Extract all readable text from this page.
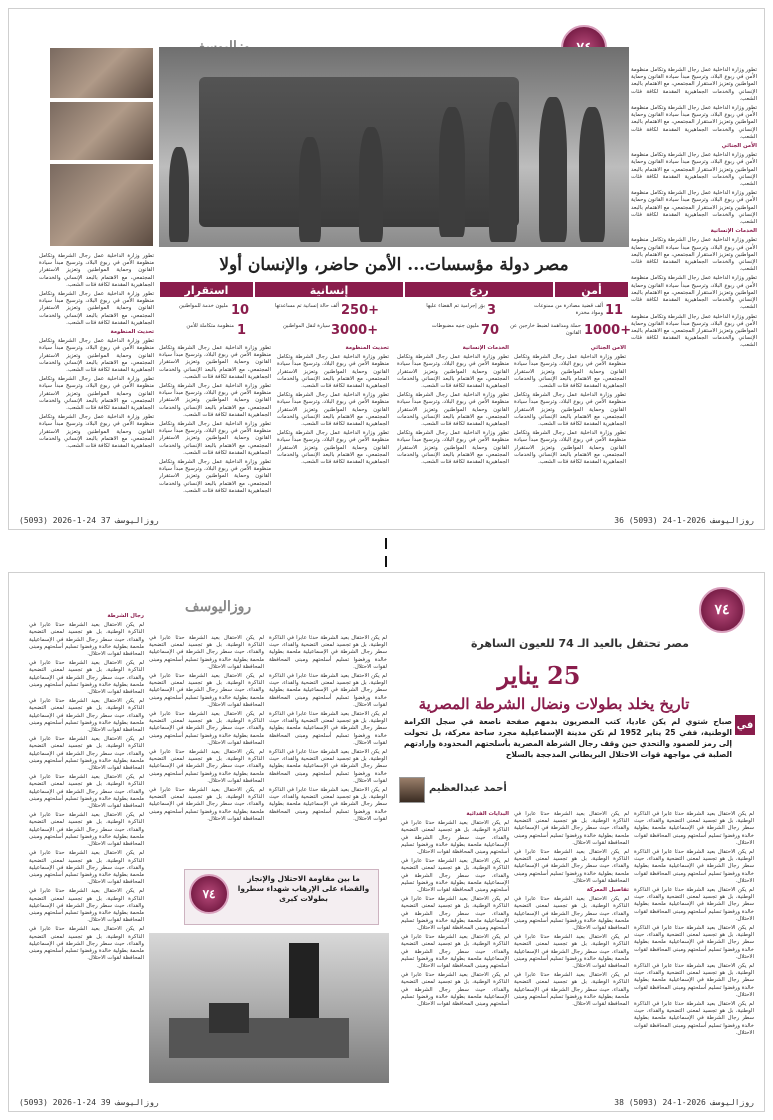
مصر دولة مؤسسات... الأمن حاضر، والإنسان أولا
أمن
ردع
إنسانية
استقرار
11
ألف قضية مصادرة من ممنوعات ومواد مخدرة
+1000
حملة ومداهمة لضبط خارجين عن القانون
3
بؤر إجرامية تم القضاء عليها
70
مليون جنيه مضبوطات
+250
ألف حالة إنسانية تم مساعدتها
+3000
سيارة لنقل المواطنين
10
مليون خدمة للمواطنين
1
منظومة متكاملة للأمن

تطور وزارة الداخلية عمل رجال الشرطة وتكامل منظومة الأمن في ربوع البلاد، وترسيخ مبدأ سيادة القانون وحماية المواطنين وتعزيز الاستقرار المجتمعي، مع الاهتمام بالبعد الإنساني والخدمات الجماهيرية المقدمة لكافة فئات الشعب.

تطور وزارة الداخلية عمل رجال الشرطة وتكامل منظومة الأمن في ربوع البلاد، وترسيخ مبدأ سيادة القانون وحماية المواطنين وتعزيز الاستقرار المجتمعي، مع الاهتمام بالبعد الإنساني والخدمات الجماهيرية المقدمة لكافة فئات الشعب.

الأمن الجنائي

تطور وزارة الداخلية عمل رجال الشرطة وتكامل منظومة الأمن في ربوع البلاد، وترسيخ مبدأ سيادة القانون وحماية المواطنين وتعزيز الاستقرار المجتمعي، مع الاهتمام بالبعد الإنساني والخدمات الجماهيرية المقدمة لكافة فئات الشعب.

تطور وزارة الداخلية عمل رجال الشرطة وتكامل منظومة الأمن في ربوع البلاد، وترسيخ مبدأ سيادة القانون وحماية المواطنين وتعزيز الاستقرار المجتمعي، مع الاهتمام بالبعد الإنساني والخدمات الجماهيرية المقدمة لكافة فئات الشعب.

الخدمات الإنسانية

تطور وزارة الداخلية عمل رجال الشرطة وتكامل منظومة الأمن في ربوع البلاد، وترسيخ مبدأ سيادة القانون وحماية المواطنين وتعزيز الاستقرار المجتمعي، مع الاهتمام بالبعد الإنساني والخدمات الجماهيرية المقدمة لكافة فئات الشعب.

تطور وزارة الداخلية عمل رجال الشرطة وتكامل منظومة الأمن في ربوع البلاد، وترسيخ مبدأ سيادة القانون وحماية المواطنين وتعزيز الاستقرار المجتمعي، مع الاهتمام بالبعد الإنساني والخدمات الجماهيرية المقدمة لكافة فئات الشعب.

تطور وزارة الداخلية عمل رجال الشرطة وتكامل منظومة الأمن في ربوع البلاد، وترسيخ مبدأ سيادة القانون وحماية المواطنين وتعزيز الاستقرار المجتمعي، مع الاهتمام بالبعد الإنساني والخدمات الجماهيرية المقدمة لكافة فئات الشعب.

الأمن الجنائي

تطور وزارة الداخلية عمل رجال الشرطة وتكامل منظومة الأمن في ربوع البلاد، وترسيخ مبدأ سيادة القانون وحماية المواطنين وتعزيز الاستقرار المجتمعي، مع الاهتمام بالبعد الإنساني والخدمات الجماهيرية المقدمة لكافة فئات الشعب.

تطور وزارة الداخلية عمل رجال الشرطة وتكامل منظومة الأمن في ربوع البلاد، وترسيخ مبدأ سيادة القانون وحماية المواطنين وتعزيز الاستقرار المجتمعي، مع الاهتمام بالبعد الإنساني والخدمات الجماهيرية المقدمة لكافة فئات الشعب.

تطور وزارة الداخلية عمل رجال الشرطة وتكامل منظومة الأمن في ربوع البلاد، وترسيخ مبدأ سيادة القانون وحماية المواطنين وتعزيز الاستقرار المجتمعي، مع الاهتمام بالبعد الإنساني والخدمات الجماهيرية المقدمة لكافة فئات الشعب.

الخدمات الإنسانية

تطور وزارة الداخلية عمل رجال الشرطة وتكامل منظومة الأمن في ربوع البلاد، وترسيخ مبدأ سيادة القانون وحماية المواطنين وتعزيز الاستقرار المجتمعي، مع الاهتمام بالبعد الإنساني والخدمات الجماهيرية المقدمة لكافة فئات الشعب.

تطور وزارة الداخلية عمل رجال الشرطة وتكامل منظومة الأمن في ربوع البلاد، وترسيخ مبدأ سيادة القانون وحماية المواطنين وتعزيز الاستقرار المجتمعي، مع الاهتمام بالبعد الإنساني والخدمات الجماهيرية المقدمة لكافة فئات الشعب.

تطور وزارة الداخلية عمل رجال الشرطة وتكامل منظومة الأمن في ربوع البلاد، وترسيخ مبدأ سيادة القانون وحماية المواطنين وتعزيز الاستقرار المجتمعي، مع الاهتمام بالبعد الإنساني والخدمات الجماهيرية المقدمة لكافة فئات الشعب.

تحديث المنظومة

تطور وزارة الداخلية عمل رجال الشرطة وتكامل منظومة الأمن في ربوع البلاد، وترسيخ مبدأ سيادة القانون وحماية المواطنين وتعزيز الاستقرار المجتمعي، مع الاهتمام بالبعد الإنساني والخدمات الجماهيرية المقدمة لكافة فئات الشعب.

تطور وزارة الداخلية عمل رجال الشرطة وتكامل منظومة الأمن في ربوع البلاد، وترسيخ مبدأ سيادة القانون وحماية المواطنين وتعزيز الاستقرار المجتمعي، مع الاهتمام بالبعد الإنساني والخدمات الجماهيرية المقدمة لكافة فئات الشعب.

تطور وزارة الداخلية عمل رجال الشرطة وتكامل منظومة الأمن في ربوع البلاد، وترسيخ مبدأ سيادة القانون وحماية المواطنين وتعزيز الاستقرار المجتمعي، مع الاهتمام بالبعد الإنساني والخدمات الجماهيرية المقدمة لكافة فئات الشعب.

تطور وزارة الداخلية عمل رجال الشرطة وتكامل منظومة الأمن في ربوع البلاد، وترسيخ مبدأ سيادة القانون وحماية المواطنين وتعزيز الاستقرار المجتمعي، مع الاهتمام بالبعد الإنساني والخدمات الجماهيرية المقدمة لكافة فئات الشعب.

تطور وزارة الداخلية عمل رجال الشرطة وتكامل منظومة الأمن في ربوع البلاد، وترسيخ مبدأ سيادة القانون وحماية المواطنين وتعزيز الاستقرار المجتمعي، مع الاهتمام بالبعد الإنساني والخدمات الجماهيرية المقدمة لكافة فئات الشعب.

تطور وزارة الداخلية عمل رجال الشرطة وتكامل منظومة الأمن في ربوع البلاد، وترسيخ مبدأ سيادة القانون وحماية المواطنين وتعزيز الاستقرار المجتمعي، مع الاهتمام بالبعد الإنساني والخدمات الجماهيرية المقدمة لكافة فئات الشعب.

تطور وزارة الداخلية عمل رجال الشرطة وتكامل منظومة الأمن في ربوع البلاد، وترسيخ مبدأ سيادة القانون وحماية المواطنين وتعزيز الاستقرار المجتمعي، مع الاهتمام بالبعد الإنساني والخدمات الجماهيرية المقدمة لكافة فئات الشعب.

تطور وزارة الداخلية عمل رجال الشرطة وتكامل منظومة الأمن في ربوع البلاد، وترسيخ مبدأ سيادة القانون وحماية المواطنين وتعزيز الاستقرار المجتمعي، مع الاهتمام بالبعد الإنساني والخدمات الجماهيرية المقدمة لكافة فئات الشعب.

تطور وزارة الداخلية عمل رجال الشرطة وتكامل منظومة الأمن في ربوع البلاد، وترسيخ مبدأ سيادة القانون وحماية المواطنين وتعزيز الاستقرار المجتمعي، مع الاهتمام بالبعد الإنساني والخدمات الجماهيرية المقدمة لكافة فئات الشعب.

تحديث المنظومة

تطور وزارة الداخلية عمل رجال الشرطة وتكامل منظومة الأمن في ربوع البلاد، وترسيخ مبدأ سيادة القانون وحماية المواطنين وتعزيز الاستقرار المجتمعي، مع الاهتمام بالبعد الإنساني والخدمات الجماهيرية المقدمة لكافة فئات الشعب.

تطور وزارة الداخلية عمل رجال الشرطة وتكامل منظومة الأمن في ربوع البلاد، وترسيخ مبدأ سيادة القانون وحماية المواطنين وتعزيز الاستقرار المجتمعي، مع الاهتمام بالبعد الإنساني والخدمات الجماهيرية المقدمة لكافة فئات الشعب.

تطور وزارة الداخلية عمل رجال الشرطة وتكامل منظومة الأمن في ربوع البلاد، وترسيخ مبدأ سيادة القانون وحماية المواطنين وتعزيز الاستقرار المجتمعي، مع الاهتمام بالبعد الإنساني والخدمات الجماهيرية المقدمة لكافة فئات الشعب.

36 روزاليوسف 2026-1-24 (5093)
(5093) 2026-1-24 روزاليوسف 37
روزاليوسف	٧٤
مصر تحتفل بالعيد الـ 74 للعيون الساهرة
25 يناير
تاريخ يخلد بطولات ونضال الشرطة المصرية
في
صباح شتوي لم يكن عاديا، كتب المصريون بدمهم صفحة ناصعة في سجل الكرامة الوطنية، ففي 25 يناير 1952 لم تكن مدينة الإسماعيلية مجرد ساحة معركة، بل تحولت إلى رمز للصمود والتحدي حين وقف رجال الشرطة المصرية بأسلحتهم المحدودة وإرادتهم الصلبة في مواجهة قوات الاحتلال البريطاني المدججة بالسلاح
أحمد عبدالعظيم

لم يكن الاحتفال بعيد الشرطة حدثا عابرا في الذاكرة الوطنية، بل هو تجسيد لمعنى التضحية والفداء، حيث سطر رجال الشرطة في الإسماعيلية ملحمة بطولية خالدة ورفضوا تسليم أسلحتهم ومبنى المحافظة لقوات الاحتلال.

لم يكن الاحتفال بعيد الشرطة حدثا عابرا في الذاكرة الوطنية، بل هو تجسيد لمعنى التضحية والفداء، حيث سطر رجال الشرطة في الإسماعيلية ملحمة بطولية خالدة ورفضوا تسليم أسلحتهم ومبنى المحافظة لقوات الاحتلال.

لم يكن الاحتفال بعيد الشرطة حدثا عابرا في الذاكرة الوطنية، بل هو تجسيد لمعنى التضحية والفداء، حيث سطر رجال الشرطة في الإسماعيلية ملحمة بطولية خالدة ورفضوا تسليم أسلحتهم ومبنى المحافظة لقوات الاحتلال.

لم يكن الاحتفال بعيد الشرطة حدثا عابرا في الذاكرة الوطنية، بل هو تجسيد لمعنى التضحية والفداء، حيث سطر رجال الشرطة في الإسماعيلية ملحمة بطولية خالدة ورفضوا تسليم أسلحتهم ومبنى المحافظة لقوات الاحتلال.

لم يكن الاحتفال بعيد الشرطة حدثا عابرا في الذاكرة الوطنية، بل هو تجسيد لمعنى التضحية والفداء، حيث سطر رجال الشرطة في الإسماعيلية ملحمة بطولية خالدة ورفضوا تسليم أسلحتهم ومبنى المحافظة لقوات الاحتلال.

لم يكن الاحتفال بعيد الشرطة حدثا عابرا في الذاكرة الوطنية، بل هو تجسيد لمعنى التضحية والفداء، حيث سطر رجال الشرطة في الإسماعيلية ملحمة بطولية خالدة ورفضوا تسليم أسلحتهم ومبنى المحافظة لقوات الاحتلال.

لم يكن الاحتفال بعيد الشرطة حدثا عابرا في الذاكرة الوطنية، بل هو تجسيد لمعنى التضحية والفداء، حيث سطر رجال الشرطة في الإسماعيلية ملحمة بطولية خالدة ورفضوا تسليم أسلحتهم ومبنى المحافظة لقوات الاحتلال.

لم يكن الاحتفال بعيد الشرطة حدثا عابرا في الذاكرة الوطنية، بل هو تجسيد لمعنى التضحية والفداء، حيث سطر رجال الشرطة في الإسماعيلية ملحمة بطولية خالدة ورفضوا تسليم أسلحتهم ومبنى المحافظة لقوات الاحتلال.

تفاصيل المعركة

لم يكن الاحتفال بعيد الشرطة حدثا عابرا في الذاكرة الوطنية، بل هو تجسيد لمعنى التضحية والفداء، حيث سطر رجال الشرطة في الإسماعيلية ملحمة بطولية خالدة ورفضوا تسليم أسلحتهم ومبنى المحافظة لقوات الاحتلال.

لم يكن الاحتفال بعيد الشرطة حدثا عابرا في الذاكرة الوطنية، بل هو تجسيد لمعنى التضحية والفداء، حيث سطر رجال الشرطة في الإسماعيلية ملحمة بطولية خالدة ورفضوا تسليم أسلحتهم ومبنى المحافظة لقوات الاحتلال.

لم يكن الاحتفال بعيد الشرطة حدثا عابرا في الذاكرة الوطنية، بل هو تجسيد لمعنى التضحية والفداء، حيث سطر رجال الشرطة في الإسماعيلية ملحمة بطولية خالدة ورفضوا تسليم أسلحتهم ومبنى المحافظة لقوات الاحتلال.

البدايات الفدائية

لم يكن الاحتفال بعيد الشرطة حدثا عابرا في الذاكرة الوطنية، بل هو تجسيد لمعنى التضحية والفداء، حيث سطر رجال الشرطة في الإسماعيلية ملحمة بطولية خالدة ورفضوا تسليم أسلحتهم ومبنى المحافظة لقوات الاحتلال.

لم يكن الاحتفال بعيد الشرطة حدثا عابرا في الذاكرة الوطنية، بل هو تجسيد لمعنى التضحية والفداء، حيث سطر رجال الشرطة في الإسماعيلية ملحمة بطولية خالدة ورفضوا تسليم أسلحتهم ومبنى المحافظة لقوات الاحتلال.

لم يكن الاحتفال بعيد الشرطة حدثا عابرا في الذاكرة الوطنية، بل هو تجسيد لمعنى التضحية والفداء، حيث سطر رجال الشرطة في الإسماعيلية ملحمة بطولية خالدة ورفضوا تسليم أسلحتهم ومبنى المحافظة لقوات الاحتلال.

لم يكن الاحتفال بعيد الشرطة حدثا عابرا في الذاكرة الوطنية، بل هو تجسيد لمعنى التضحية والفداء، حيث سطر رجال الشرطة في الإسماعيلية ملحمة بطولية خالدة ورفضوا تسليم أسلحتهم ومبنى المحافظة لقوات الاحتلال.

لم يكن الاحتفال بعيد الشرطة حدثا عابرا في الذاكرة الوطنية، بل هو تجسيد لمعنى التضحية والفداء، حيث سطر رجال الشرطة في الإسماعيلية ملحمة بطولية خالدة ورفضوا تسليم أسلحتهم ومبنى المحافظة لقوات الاحتلال.

لم يكن الاحتفال بعيد الشرطة حدثا عابرا في الذاكرة الوطنية، بل هو تجسيد لمعنى التضحية والفداء، حيث سطر رجال الشرطة في الإسماعيلية ملحمة بطولية خالدة ورفضوا تسليم أسلحتهم ومبنى المحافظة لقوات الاحتلال.

لم يكن الاحتفال بعيد الشرطة حدثا عابرا في الذاكرة الوطنية، بل هو تجسيد لمعنى التضحية والفداء، حيث سطر رجال الشرطة في الإسماعيلية ملحمة بطولية خالدة ورفضوا تسليم أسلحتهم ومبنى المحافظة لقوات الاحتلال.

لم يكن الاحتفال بعيد الشرطة حدثا عابرا في الذاكرة الوطنية، بل هو تجسيد لمعنى التضحية والفداء، حيث سطر رجال الشرطة في الإسماعيلية ملحمة بطولية خالدة ورفضوا تسليم أسلحتهم ومبنى المحافظة لقوات الاحتلال.

لم يكن الاحتفال بعيد الشرطة حدثا عابرا في الذاكرة الوطنية، بل هو تجسيد لمعنى التضحية والفداء، حيث سطر رجال الشرطة في الإسماعيلية ملحمة بطولية خالدة ورفضوا تسليم أسلحتهم ومبنى المحافظة لقوات الاحتلال.

لم يكن الاحتفال بعيد الشرطة حدثا عابرا في الذاكرة الوطنية، بل هو تجسيد لمعنى التضحية والفداء، حيث سطر رجال الشرطة في الإسماعيلية ملحمة بطولية خالدة ورفضوا تسليم أسلحتهم ومبنى المحافظة لقوات الاحتلال.

لم يكن الاحتفال بعيد الشرطة حدثا عابرا في الذاكرة الوطنية، بل هو تجسيد لمعنى التضحية والفداء، حيث سطر رجال الشرطة في الإسماعيلية ملحمة بطولية خالدة ورفضوا تسليم أسلحتهم ومبنى المحافظة لقوات الاحتلال.

لم يكن الاحتفال بعيد الشرطة حدثا عابرا في الذاكرة الوطنية، بل هو تجسيد لمعنى التضحية والفداء، حيث سطر رجال الشرطة في الإسماعيلية ملحمة بطولية خالدة ورفضوا تسليم أسلحتهم ومبنى المحافظة لقوات الاحتلال.

لم يكن الاحتفال بعيد الشرطة حدثا عابرا في الذاكرة الوطنية، بل هو تجسيد لمعنى التضحية والفداء، حيث سطر رجال الشرطة في الإسماعيلية ملحمة بطولية خالدة ورفضوا تسليم أسلحتهم ومبنى المحافظة لقوات الاحتلال.

لم يكن الاحتفال بعيد الشرطة حدثا عابرا في الذاكرة الوطنية، بل هو تجسيد لمعنى التضحية والفداء، حيث سطر رجال الشرطة في الإسماعيلية ملحمة بطولية خالدة ورفضوا تسليم أسلحتهم ومبنى المحافظة لقوات الاحتلال.

لم يكن الاحتفال بعيد الشرطة حدثا عابرا في الذاكرة الوطنية، بل هو تجسيد لمعنى التضحية والفداء، حيث سطر رجال الشرطة في الإسماعيلية ملحمة بطولية خالدة ورفضوا تسليم أسلحتهم ومبنى المحافظة لقوات الاحتلال.

رجال الشرطة

لم يكن الاحتفال بعيد الشرطة حدثا عابرا في الذاكرة الوطنية، بل هو تجسيد لمعنى التضحية والفداء، حيث سطر رجال الشرطة في الإسماعيلية ملحمة بطولية خالدة ورفضوا تسليم أسلحتهم ومبنى المحافظة لقوات الاحتلال.

لم يكن الاحتفال بعيد الشرطة حدثا عابرا في الذاكرة الوطنية، بل هو تجسيد لمعنى التضحية والفداء، حيث سطر رجال الشرطة في الإسماعيلية ملحمة بطولية خالدة ورفضوا تسليم أسلحتهم ومبنى المحافظة لقوات الاحتلال.

لم يكن الاحتفال بعيد الشرطة حدثا عابرا في الذاكرة الوطنية، بل هو تجسيد لمعنى التضحية والفداء، حيث سطر رجال الشرطة في الإسماعيلية ملحمة بطولية خالدة ورفضوا تسليم أسلحتهم ومبنى المحافظة لقوات الاحتلال.

لم يكن الاحتفال بعيد الشرطة حدثا عابرا في الذاكرة الوطنية، بل هو تجسيد لمعنى التضحية والفداء، حيث سطر رجال الشرطة في الإسماعيلية ملحمة بطولية خالدة ورفضوا تسليم أسلحتهم ومبنى المحافظة لقوات الاحتلال.

لم يكن الاحتفال بعيد الشرطة حدثا عابرا في الذاكرة الوطنية، بل هو تجسيد لمعنى التضحية والفداء، حيث سطر رجال الشرطة في الإسماعيلية ملحمة بطولية خالدة ورفضوا تسليم أسلحتهم ومبنى المحافظة لقوات الاحتلال.

لم يكن الاحتفال بعيد الشرطة حدثا عابرا في الذاكرة الوطنية، بل هو تجسيد لمعنى التضحية والفداء، حيث سطر رجال الشرطة في الإسماعيلية ملحمة بطولية خالدة ورفضوا تسليم أسلحتهم ومبنى المحافظة لقوات الاحتلال.

لم يكن الاحتفال بعيد الشرطة حدثا عابرا في الذاكرة الوطنية، بل هو تجسيد لمعنى التضحية والفداء، حيث سطر رجال الشرطة في الإسماعيلية ملحمة بطولية خالدة ورفضوا تسليم أسلحتهم ومبنى المحافظة لقوات الاحتلال.

لم يكن الاحتفال بعيد الشرطة حدثا عابرا في الذاكرة الوطنية، بل هو تجسيد لمعنى التضحية والفداء، حيث سطر رجال الشرطة في الإسماعيلية ملحمة بطولية خالدة ورفضوا تسليم أسلحتهم ومبنى المحافظة لقوات الاحتلال.

لم يكن الاحتفال بعيد الشرطة حدثا عابرا في الذاكرة الوطنية، بل هو تجسيد لمعنى التضحية والفداء، حيث سطر رجال الشرطة في الإسماعيلية ملحمة بطولية خالدة ورفضوا تسليم أسلحتهم ومبنى المحافظة لقوات الاحتلال.

٧٤
ما بين مقاومة الاحتلال والإنجاز والقضاء على الإرهاب شهداء سطروا بطولات كبرى
38 روزاليوسف 2026-1-24 (5093)
(5093) 2026-1-24 روزاليوسف 39
